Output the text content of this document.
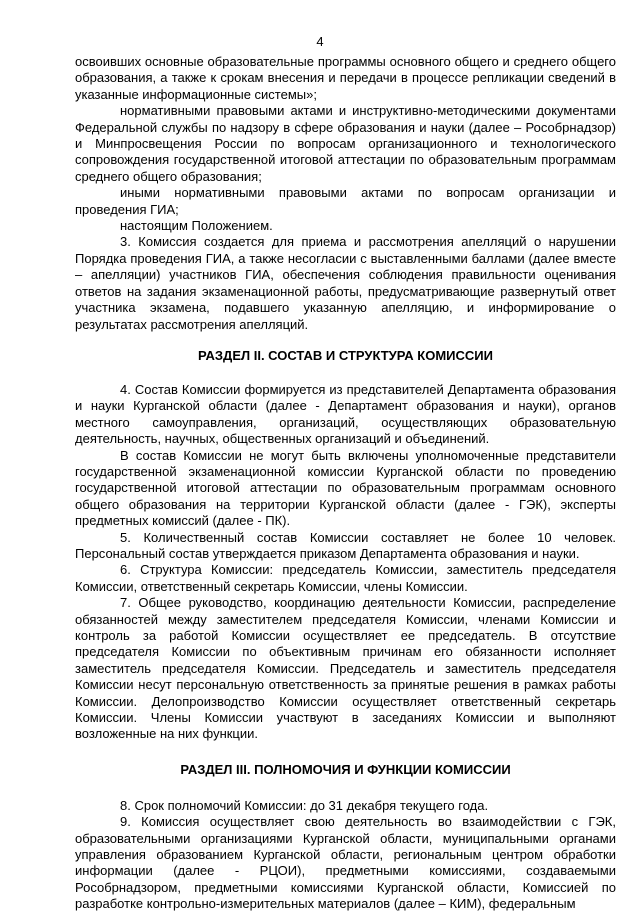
4

освоивших основные образовательные программы основного общего и среднего общего образования, а также к срокам внесения и передачи в процессе репликации сведений в указанные информационные системы»;

нормативными правовыми актами и инструктивно-методическими документами Федеральной службы по надзору в сфере образования и науки (далее – Рособрнадзор) и Минпросвещения России по вопросам организационного и технологического сопровождения государственной итоговой аттестации по образовательным программам среднего общего образования;

иными нормативными правовыми актами по вопросам организации и проведения ГИА;

настоящим Положением.

3. Комиссия создается для приема и рассмотрения апелляций о нарушении Порядка проведения ГИА, а также несогласии с выставленными баллами (далее вместе – апелляции) участников ГИА, обеспечения соблюдения правильности оценивания ответов на задания экзаменационной работы, предусматривающие развернутый ответ участника экзамена, подавшего указанную апелляцию, и информирование о результатах рассмотрения апелляций.

РАЗДЕЛ II. СОСТАВ И СТРУКТУРА КОМИССИИ

4. Состав Комиссии формируется из представителей Департамента образования и науки Курганской области (далее - Департамент образования и науки), органов местного самоуправления, организаций, осуществляющих образовательную деятельность, научных, общественных организаций и объединений.

В состав Комиссии не могут быть включены уполномоченные представители государственной экзаменационной комиссии Курганской области по проведению государственной итоговой аттестации по образовательным программам основного общего образования на территории Курганской области (далее - ГЭК), эксперты предметных комиссий (далее - ПК).

5. Количественный состав Комиссии составляет не более 10 человек. Персональный состав утверждается приказом Департамента образования и науки.

6. Структура Комиссии: председатель Комиссии, заместитель председателя Комиссии, ответственный секретарь Комиссии, члены Комиссии.

7. Общее руководство, координацию деятельности Комиссии, распределение обязанностей между заместителем председателя Комиссии, членами Комиссии и контроль за работой Комиссии осуществляет ее председатель. В отсутствие председателя Комиссии по объективным причинам его обязанности исполняет заместитель председателя Комиссии. Председатель и заместитель председателя Комиссии несут персональную ответственность за принятые решения в рамках работы Комиссии. Делопроизводство Комиссии осуществляет ответственный секретарь Комиссии. Члены Комиссии участвуют в заседаниях Комиссии и выполняют возложенные на них функции.

РАЗДЕЛ III. ПОЛНОМОЧИЯ И ФУНКЦИИ КОМИССИИ

8. Срок полномочий Комиссии: до 31 декабря текущего года.

9. Комиссия осуществляет свою деятельность во взаимодействии с ГЭК, образовательными организациями Курганской области, муниципальными органами управления образованием Курганской области, региональным центром обработки информации (далее - РЦОИ), предметными комиссиями, создаваемыми Рособрнадзором, предметными комиссиями Курганской области, Комиссией по разработке контрольно-измерительных материалов (далее – КИМ), федеральным
